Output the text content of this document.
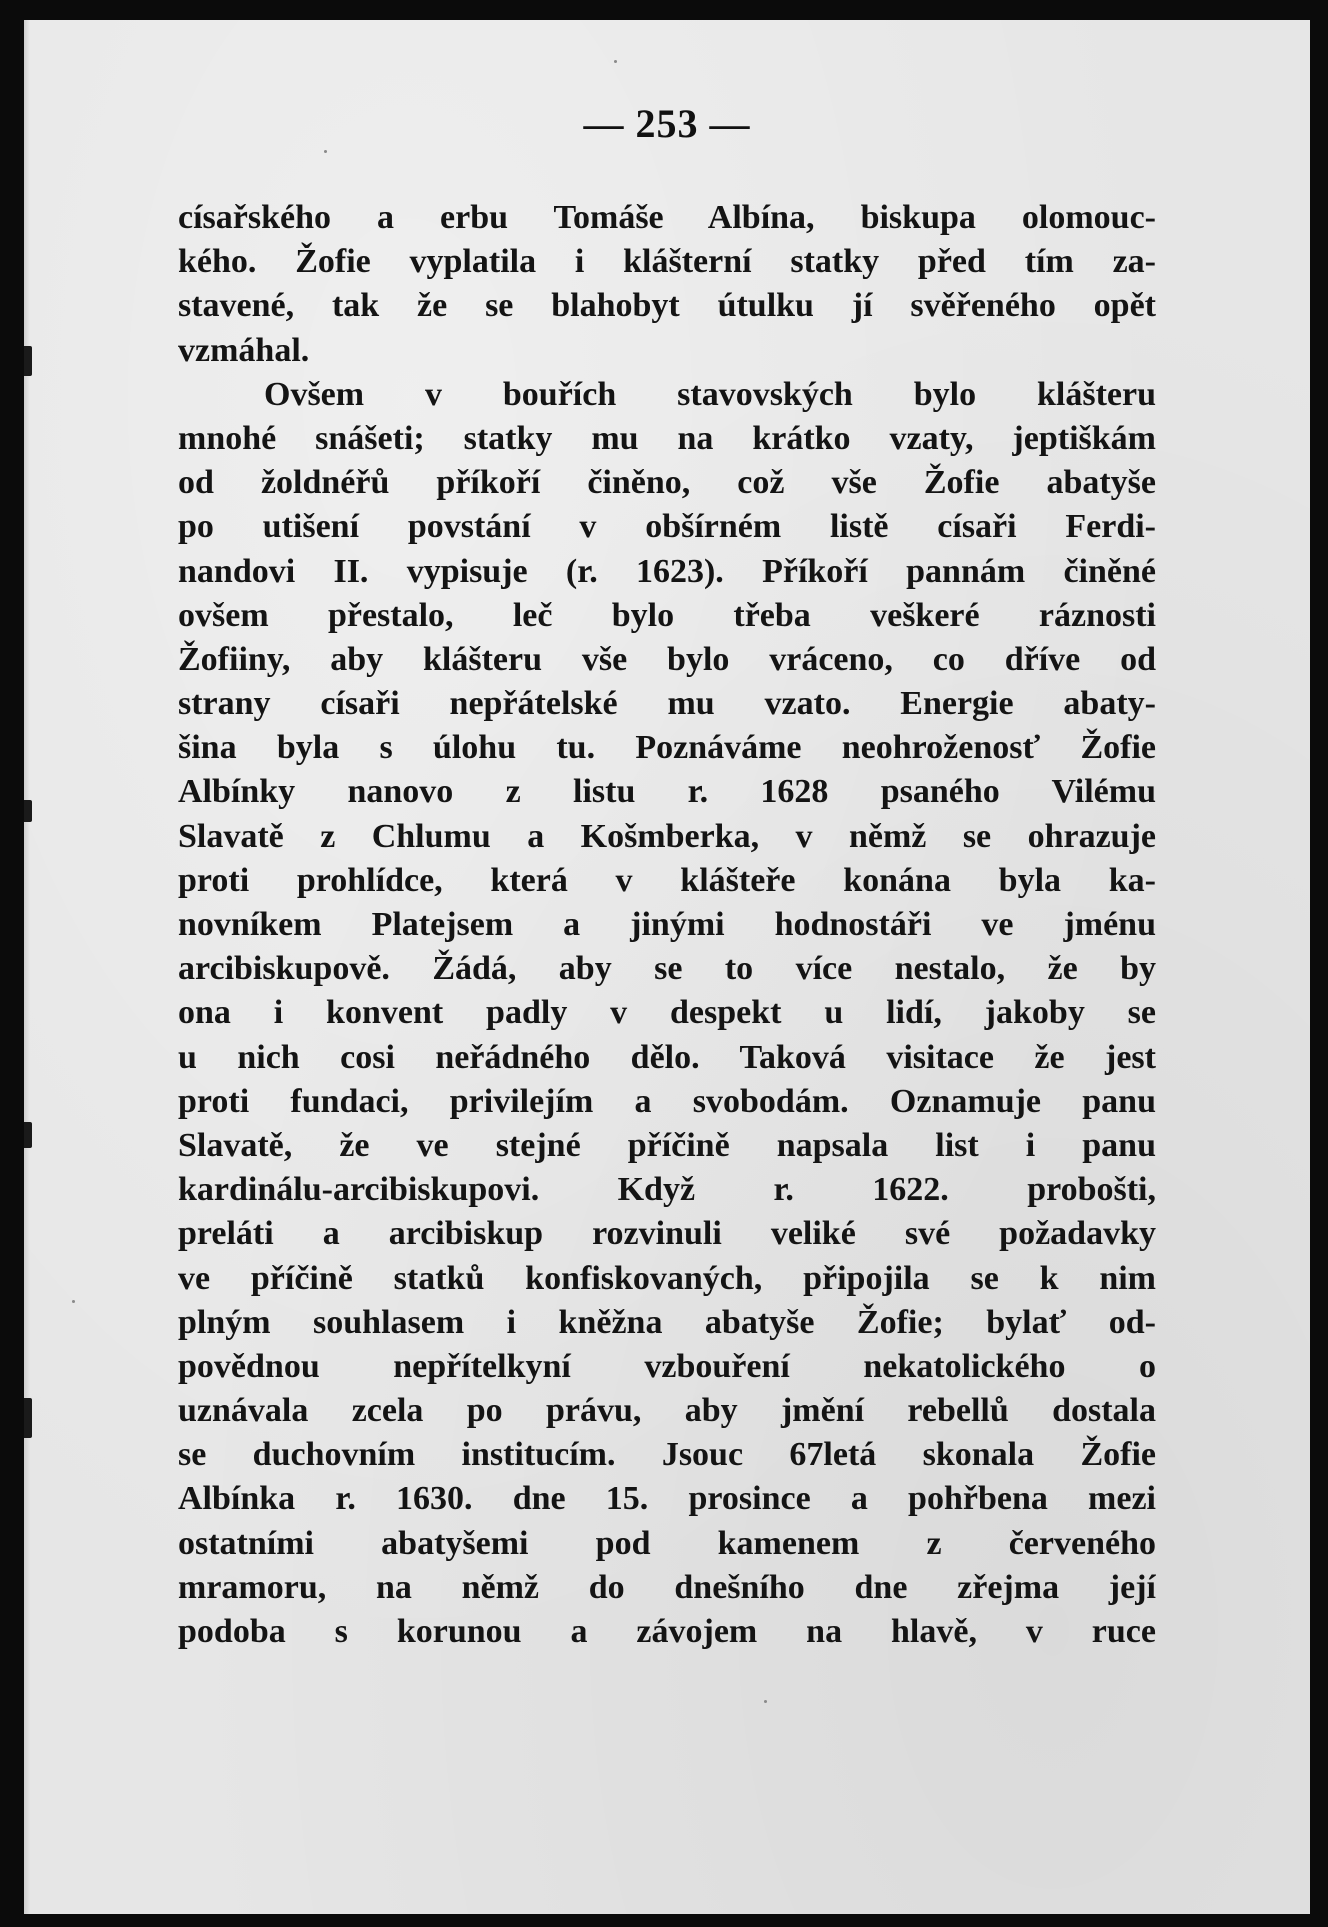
— 253 —
císařského a erbu Tomáše Albína, biskupa olomouc-
kého. Žofie vyplatila i klášterní statky před tím za-
stavené, tak že se blahobyt útulku jí svěřeného opět
vzmáhal.
Ovšem v bouřích stavovských bylo klášteru
mnohé snášeti; statky mu na krátko vzaty, jeptiškám
od žoldnéřů příkoří činěno, což vše Žofie abatyše
po utišení povstání v obšírném listě císaři Ferdi-
nandovi II. vypisuje (r. 1623). Příkoří pannám činěné
ovšem přestalo, leč bylo třeba veškeré ráznosti
Žofiiny, aby klášteru vše bylo vráceno, co dříve od
strany císaři nepřátelské mu vzato. Energie abaty-
šina byla s úlohu tu. Poznáváme neohroženosť Žofie
Albínky nanovo z listu r. 1628 psaného Vilému
Slavatě z Chlumu a Košmberka, v němž se ohrazuje
proti prohlídce, která v klášteře konána byla ka-
novníkem Platejsem a jinými hodnostáři ve jménu
arcibiskupově. Žádá, aby se to více nestalo, že by
ona i konvent padly v despekt u lidí, jakoby se
u nich cosi neřádného dělo. Taková visitace že jest
proti fundaci, privilejím a svobodám. Oznamuje panu
Slavatě, že ve stejné příčině napsala list i panu
kardinálu-arcibiskupovi. Když r. 1622. probošti,
preláti a arcibiskup rozvinuli veliké své požadavky
ve příčině statků konfiskovaných, připojila se k nim
plným souhlasem i kněžna abatyše Žofie; bylať od-
povědnou nepřítelkyní vzbouření nekatolického o
uznávala zcela po právu, aby jmění rebellů dostala
se duchovním institucím. Jsouc 67letá skonala Žofie
Albínka r. 1630. dne 15. prosince a pohřbena mezi
ostatními abatyšemi pod kamenem z červeného
mramoru, na němž do dnešního dne zřejma její
podoba s korunou a závojem na hlavě, v ruce
